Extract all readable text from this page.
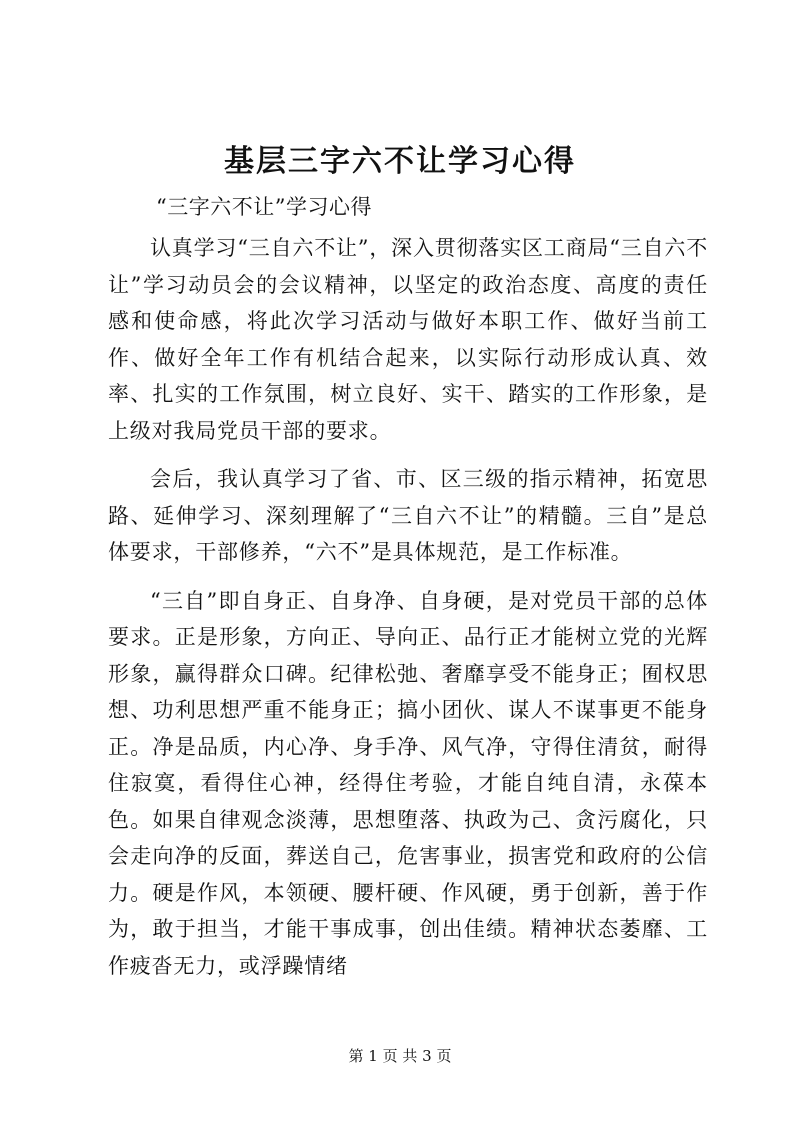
基层三字六不让学习心得
“三字六不让”学习心得

认真学习“三自六不让”，深入贯彻落实区工商局“三自六不让”学习动员会的会议精神，以坚定的政治态度、高度的责任感和使命感，将此次学习活动与做好本职工作、做好当前工作、做好全年工作有机结合起来，以实际行动形成认真、效率、扎实的工作氛围，树立良好、实干、踏实的工作形象，是上级对我局党员干部的要求。

会后，我认真学习了省、市、区三级的指示精神，拓宽思路、延伸学习、深刻理解了“三自六不让”的精髓。三自”是总体要求，干部修养，“六不”是具体规范，是工作标准。

“三自”即自身正、自身净、自身硬，是对党员干部的总体要求。正是形象，方向正、导向正、品行正才能树立党的光辉形象，赢得群众口碑。纪律松弛、奢靡享受不能身正；囿权思想、功利思想严重不能身正；搞小团伙、谋人不谋事更不能身正。净是品质，内心净、身手净、风气净，守得住清贫，耐得住寂寞，看得住心神，经得住考验，才能自纯自清，永葆本色。如果自律观念淡薄，思想堕落、执政为己、贪污腐化，只会走向净的反面，葬送自己，危害事业，损害党和政府的公信力。硬是作风，本领硬、腰杆硬、作风硬，勇于创新，善于作为，敢于担当，才能干事成事，创出佳绩。精神状态萎靡、工作疲沓无力，或浮躁情绪

第 1 页 共 3 页
